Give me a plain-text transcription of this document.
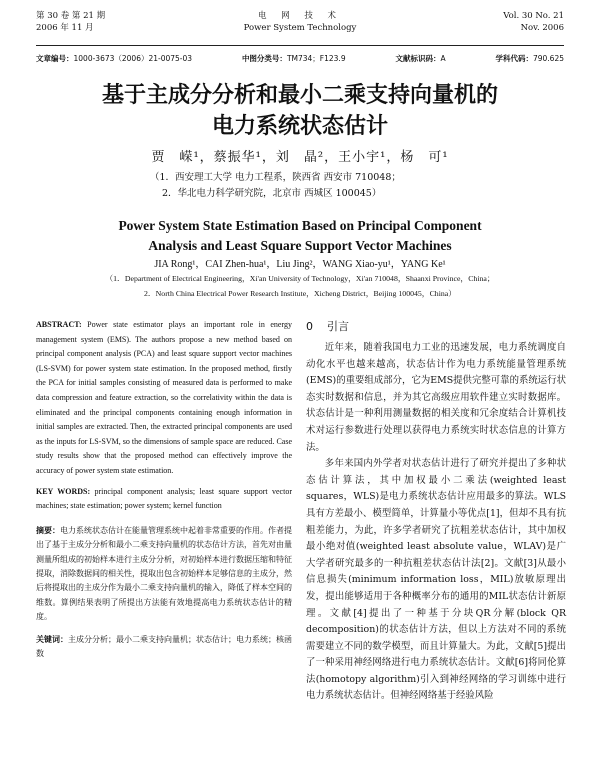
第 30 卷 第 21 期
2006 年 11 月
电 网 技 术
Power System Technology
Vol. 30 No. 21
Nov. 2006
文章编号：1000-3673（2006）21-0075-03	中图分类号：TM734；F123.9	文献标识码：A	学科代码：790.625
基于主成分分析和最小二乘支持向量机的
电力系统状态估计
贾　嵘¹，蔡振华¹，刘　晶²，王小宇¹，杨　可¹
（1．西安理工大学 电力工程系，陕西省 西安市 710048；
2．华北电力科学研究院，北京市 西城区 100045）
Power System State Estimation Based on Principal Component
Analysis and Least Square Support Vector Machines
JIA Rong¹，CAI Zhen-hua¹，Liu Jing²，WANG Xiao-yu¹，YANG Ke¹
（1．Department of Electrical Engineering，Xi'an University of Technology，Xi'an 710048，Shaanxi Province，China；
2．North China Electrical Power Research Institute，Xicheng District，Beijing 100045，China）
ABSTRACT: Power state estimator plays an important role in energy management system (EMS). The authors propose a new method based on principal component analysis (PCA) and least square support vector machines (LS-SVM) for power system state estimation. In the proposed method, firstly the PCA for initial samples consisting of measured data is performed to make data compression and feature extraction, so the correlativity within the data is eliminated and the principal components containing enough information in initial samples are extracted. Then, the extracted principal components are used as the inputs for LS-SVM, so the dimensions of sample space are reduced. Case study results show that the proposed method can effectively improve the accuracy of power system state estimation.
KEY WORDS: principal component analysis; least square support vector machines; state estimation; power system; kernel function
摘要：电力系统状态估计在能量管理系统中起着非常重要的作用。作者提出了基于主成分分析和最小二乘支持向量机的状态估计方法，首先对由量测量所组成的初始样本进行主成分分析，对初始样本进行数据压缩和特征提取，消除数据间的相关性，提取出包含初始样本足够信息的主成分，然后将提取出的主成分作为最小二乘支持向量机的输入，降低了样本空间的维数。算例结果表明了所提出方法能有效地提高电力系统状态估计的精度。
关键词：主成分分析；最小二乘支持向量机；状态估计；电力系统；核函数
0 引言

近年来，随着我国电力工业的迅速发展，电力系统调度自动化水平也越来越高，状态估计作为电力系统能量管理系统(EMS)的重要组成部分，它为EMS提供完整可靠的系统运行状态实时数据和信息，并为其它高级应用软件建立实时数据库。状态估计是一种利用测量数据的相关度和冗余度结合计算机技术对运行参数进行处理以获得电力系统实时状态信息的计算方法。

多年来国内外学者对状态估计进行了研究并提出了多种状态估计算法，其中加权最小二乘法(weighted least squares，WLS)是电力系统状态估计应用最多的算法。WLS具有方差最小、模型简单，计算量小等优点[1]，但却不具有抗粗差能力，为此，许多学者研究了抗粗差状态估计，其中加权最小绝对值(weighted least absolute value，WLAV)是广大学者研究最多的一种抗粗差状态估计法[2]。文献[3]从最小信息损失(minimum information loss，MIL)放敏原理出发，提出能够适用于各种概率分布的通用的MIL状态估计新原理。文献[4]提出了一种基于分块QR分解(block QR decomposition)的状态估计方法，但以上方法对不同的系统需要建立不同的数学模型，而且计算量大。为此，文献[5]提出了一种采用神经网络进行电力系统状态估计。文献[6]将同伦算法(homotopy algorithm)引入到神经网络的学习训练中进行电力系统状态估计。但神经网络基于经验风险
